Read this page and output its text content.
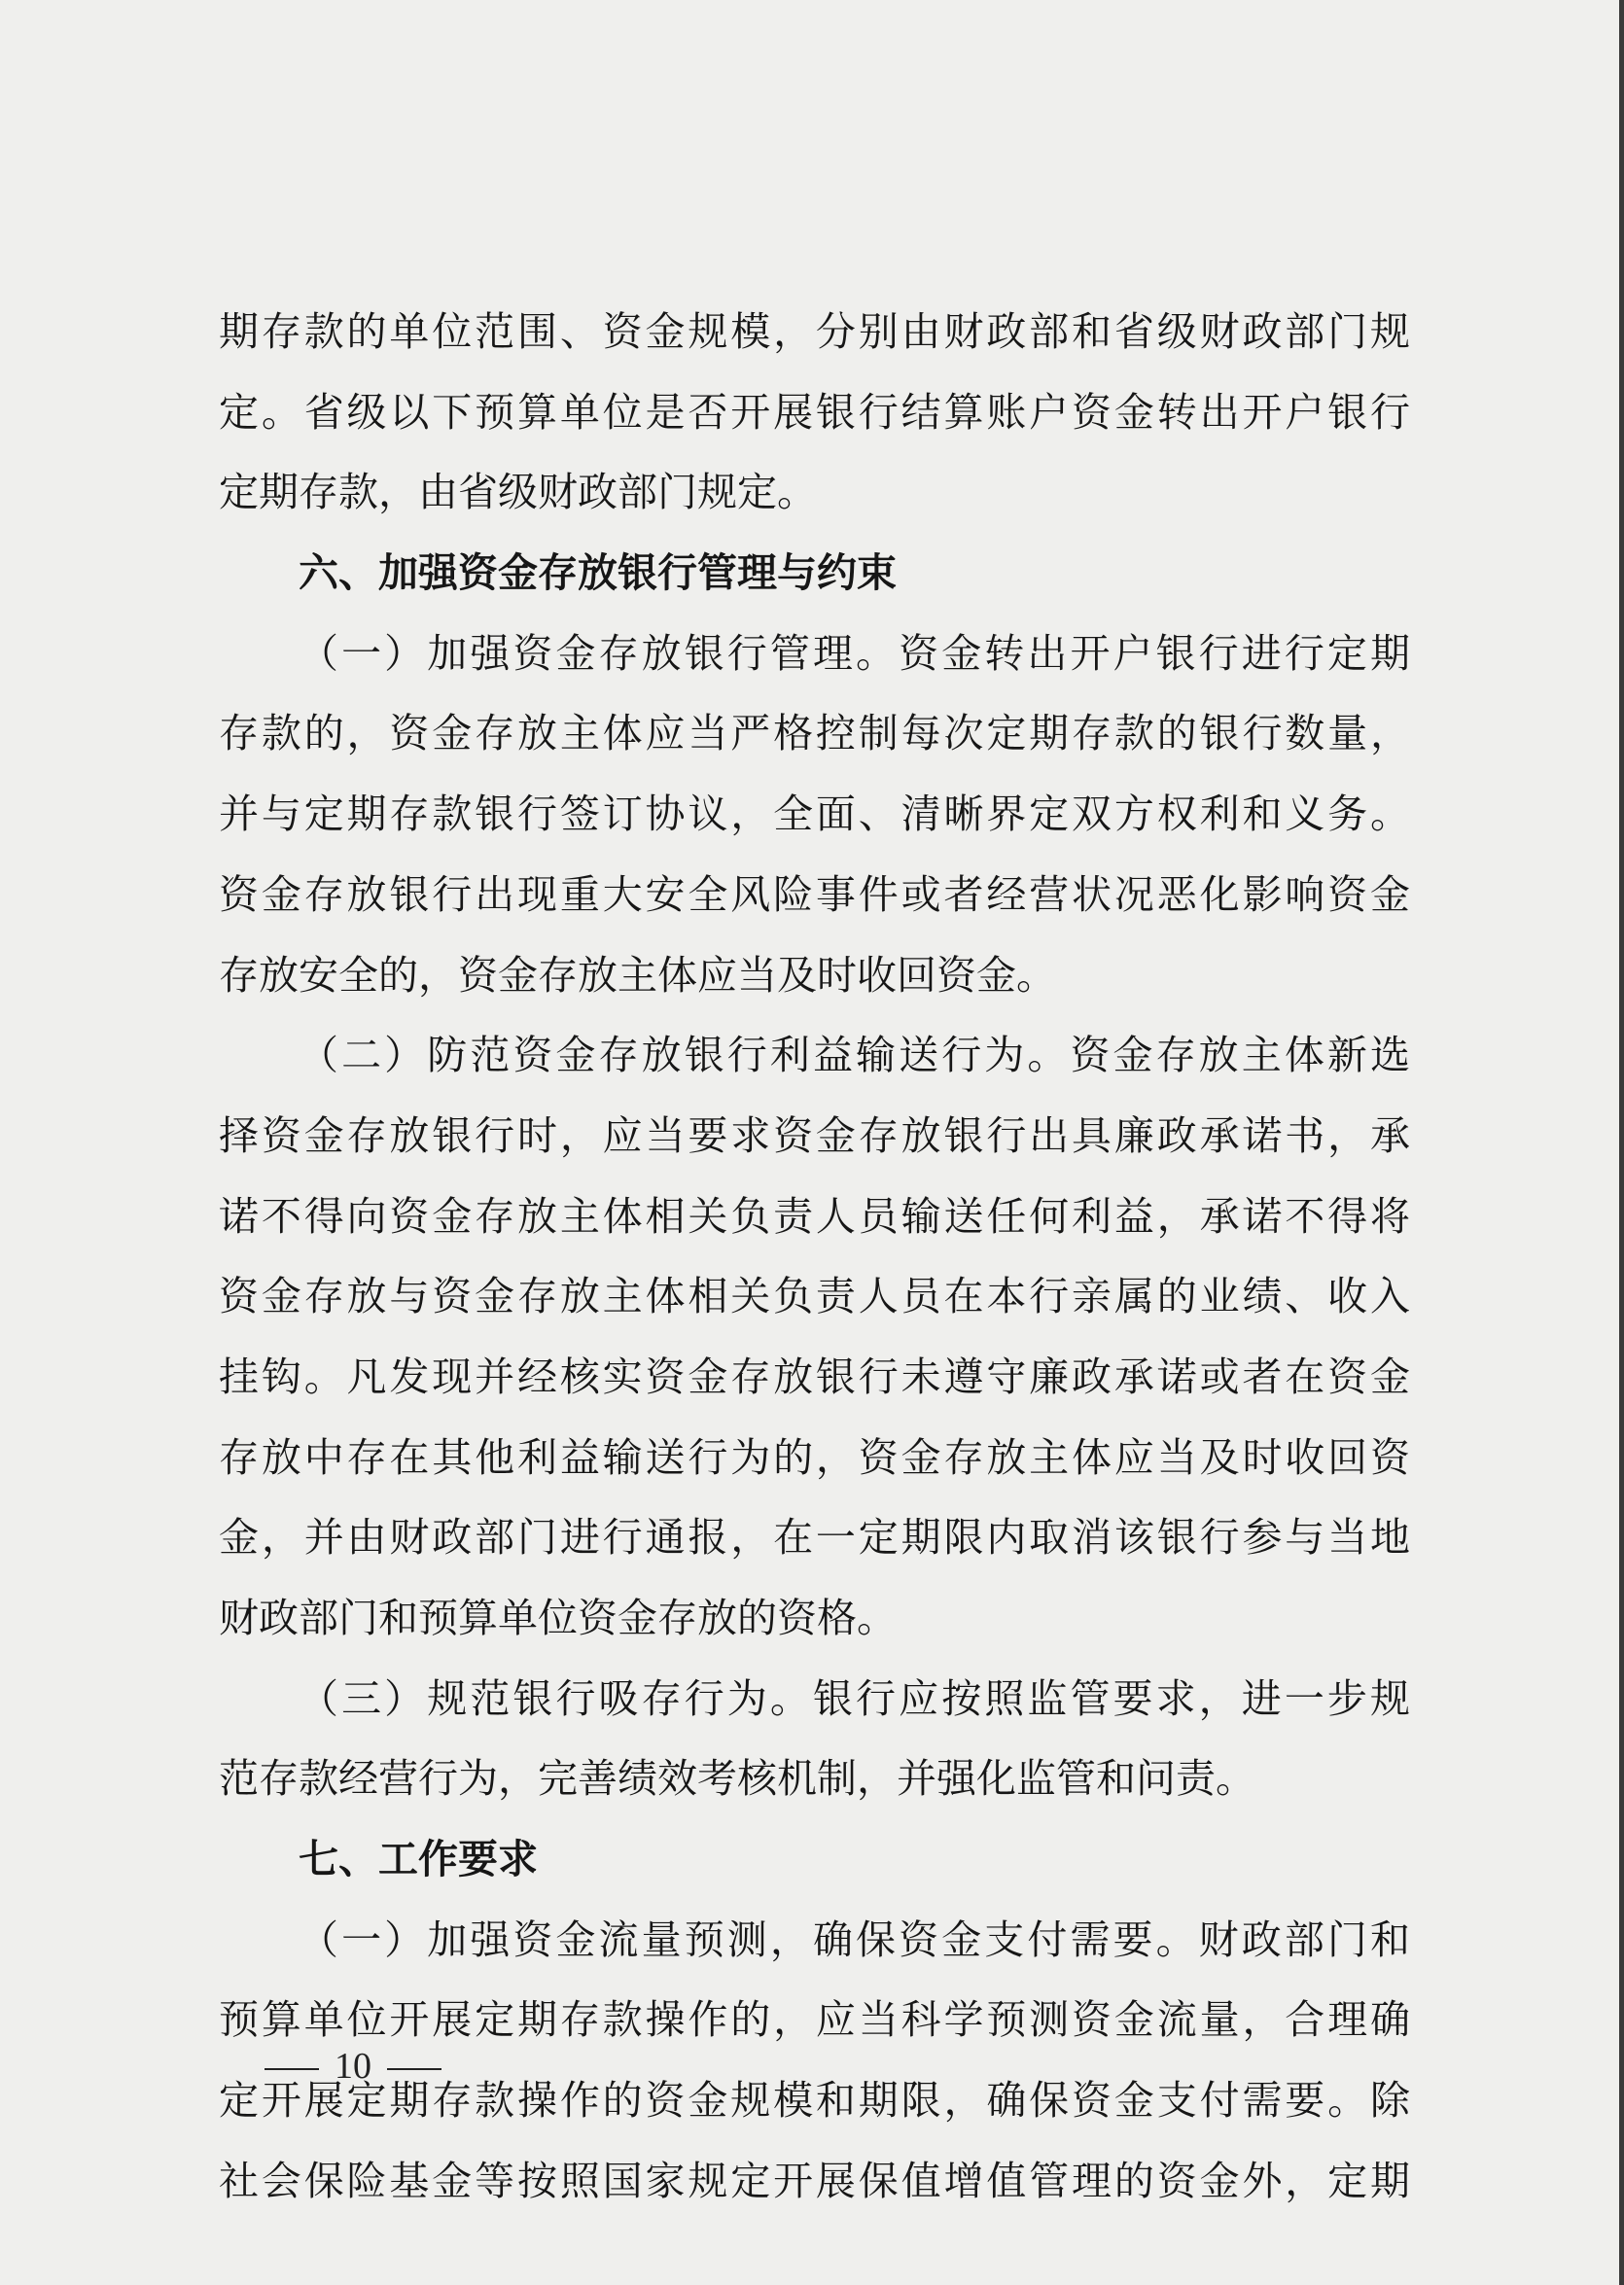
期存款的单位范围、资金规模，分别由财政部和省级财政部门规
定。省级以下预算单位是否开展银行结算账户资金转出开户银行
定期存款，由省级财政部门规定。
六、加强资金存放银行管理与约束
（一）加强资金存放银行管理。资金转出开户银行进行定期
存款的，资金存放主体应当严格控制每次定期存款的银行数量，
并与定期存款银行签订协议，全面、清晰界定双方权利和义务。
资金存放银行出现重大安全风险事件或者经营状况恶化影响资金
存放安全的，资金存放主体应当及时收回资金。
（二）防范资金存放银行利益输送行为。资金存放主体新选
择资金存放银行时，应当要求资金存放银行出具廉政承诺书，承
诺不得向资金存放主体相关负责人员输送任何利益，承诺不得将
资金存放与资金存放主体相关负责人员在本行亲属的业绩、收入
挂钩。凡发现并经核实资金存放银行未遵守廉政承诺或者在资金
存放中存在其他利益输送行为的，资金存放主体应当及时收回资
金，并由财政部门进行通报，在一定期限内取消该银行参与当地
财政部门和预算单位资金存放的资格。
（三）规范银行吸存行为。银行应按照监管要求，进一步规
范存款经营行为，完善绩效考核机制，并强化监管和问责。
七、工作要求
（一）加强资金流量预测，确保资金支付需要。财政部门和
预算单位开展定期存款操作的，应当科学预测资金流量，合理确
定开展定期存款操作的资金规模和期限，确保资金支付需要。除
社会保险基金等按照国家规定开展保值增值管理的资金外，定期
10
